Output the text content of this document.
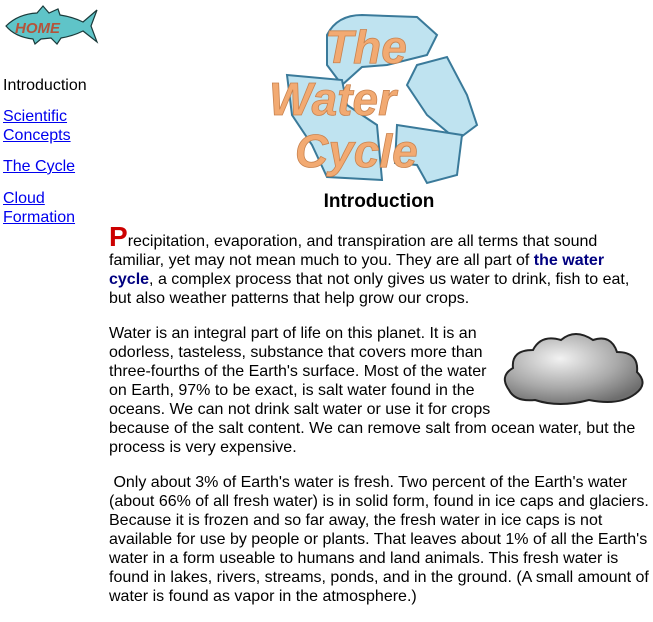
HOME
Introduction
Scientific Concepts
The Cycle
Cloud Formation
The
Water
Cycle
Introduction

Precipitation, evaporation, and transpiration are all terms that sound familiar, yet may not mean much to you. They are all part of the water cycle, a complex process that not only gives us water to drink, fish to eat, but also weather patterns that help grow our crops.

Water is an integral part of life on this planet. It is an odorless, tasteless, substance that covers more than three-fourths of the Earth's surface. Most of the water on Earth, 97% to be exact, is salt water found in the oceans. We can not drink salt water or use it for crops because of the salt content. We can remove salt from ocean water, but the process is very expensive.

Only about 3% of Earth's water is fresh. Two percent of the Earth's water (about 66% of all fresh water) is in solid form, found in ice caps and glaciers. Because it is frozen and so far away, the fresh water in ice caps is not available for use by people or plants. That leaves about 1% of all the Earth's water in a form useable to humans and land animals. This fresh water is found in lakes, rivers, streams, ponds, and in the ground. (A small amount of water is found as vapor in the atmosphere.)
